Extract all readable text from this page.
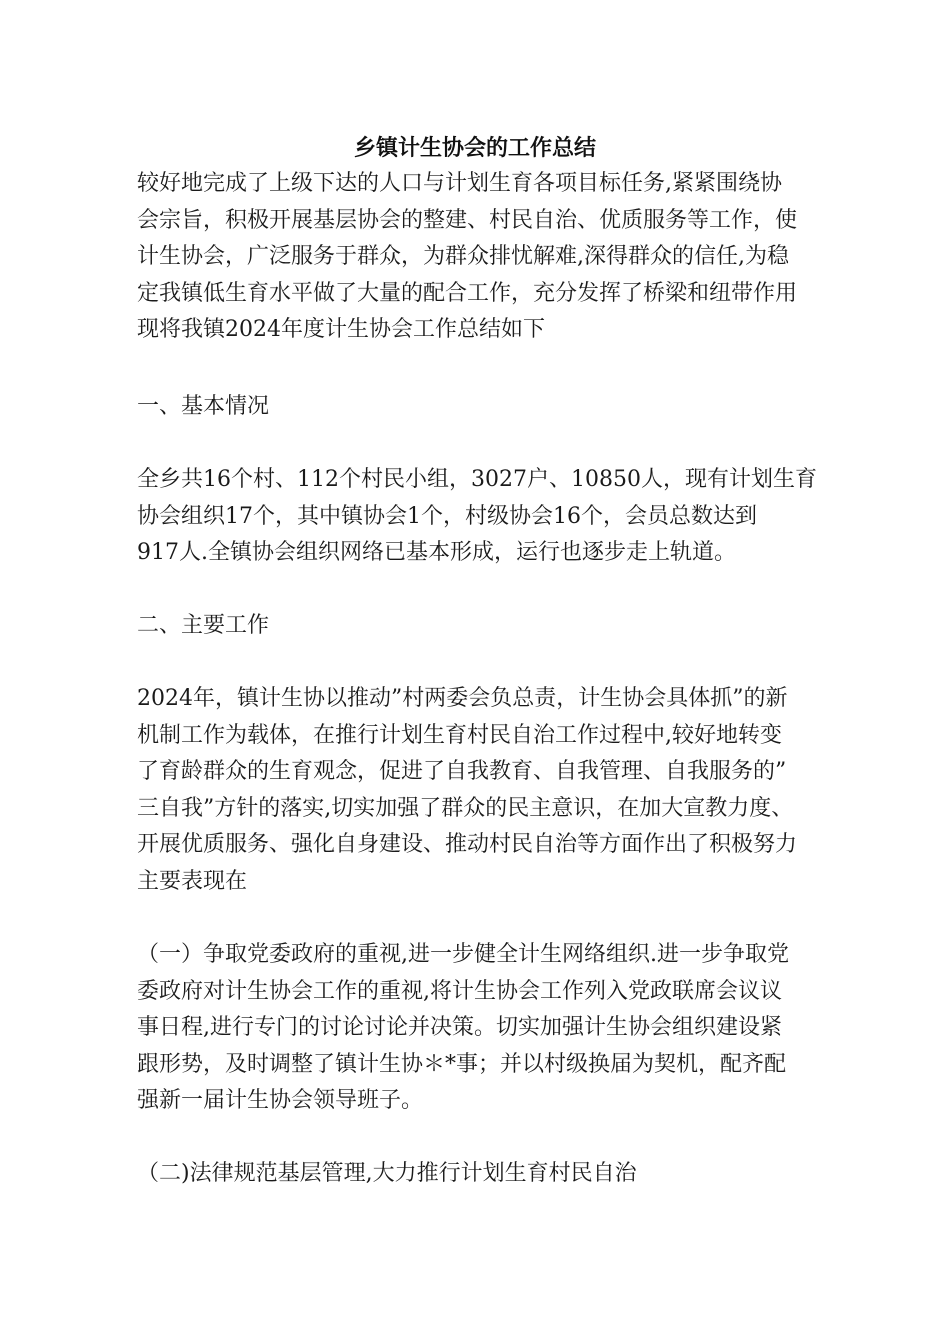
乡镇计生协会的工作总结
较好地完成了上级下达的人口与计划生育各项目标任务,紧紧围绕协
会宗旨，积极开展基层协会的整建、村民自治、优质服务等工作，使
计生协会，广泛服务于群众，为群众排忧解难,深得群众的信任,为稳
定我镇低生育水平做了大量的配合工作，充分发挥了桥梁和纽带作用
现将我镇2024年度计生协会工作总结如下
一、基本情况
全乡共16个村、112个村民小组，3027户、10850人，现有计划生育
协会组织17个，其中镇协会1个，村级协会16个，会员总数达到
917人.全镇协会组织网络已基本形成，运行也逐步走上轨道。
二、主要工作
2024年，镇计生协以推动”村两委会负总责，计生协会具体抓”的新
机制工作为载体，在推行计划生育村民自治工作过程中,较好地转变
了育龄群众的生育观念，促进了自我教育、自我管理、自我服务的”
三自我”方针的落实,切实加强了群众的民主意识，在加大宣教力度、
开展优质服务、强化自身建设、推动村民自治等方面作出了积极努力
主要表现在
（一）争取党委政府的重视,进一步健全计生网络组织.进一步争取党
委政府对计生协会工作的重视,将计生协会工作列入党政联席会议议
事日程,进行专门的讨论讨论并决策。切实加强计生协会组织建设紧
跟形势，及时调整了镇计生协＊*事；并以村级换届为契机，配齐配
强新一届计生协会领导班子。
（二)法律规范基层管理,大力推行计划生育村民自治
